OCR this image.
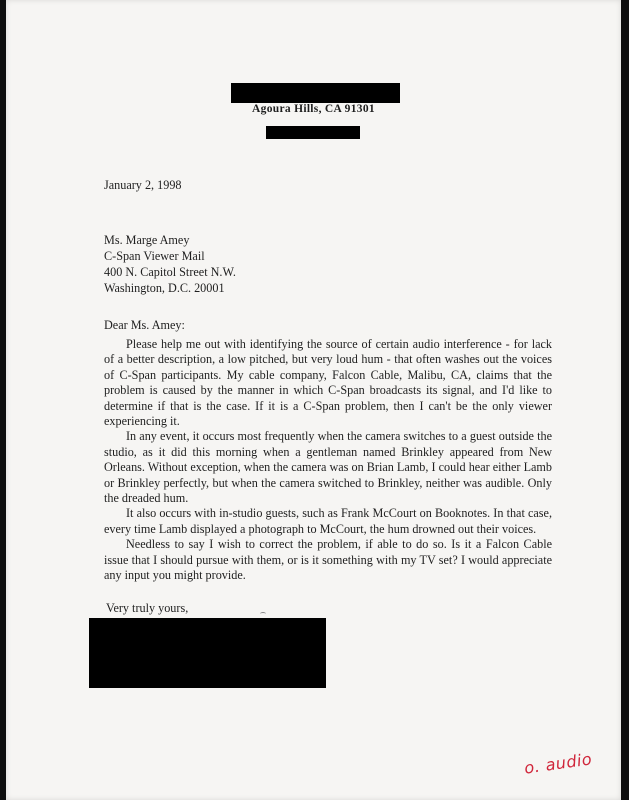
Agoura Hills, CA 91301
January 2, 1998
Ms. Marge Amey
C-Span Viewer Mail
400 N. Capitol Street N.W.
Washington, D.C. 20001
Dear Ms. Amey:

Please help me out with identifying the source of certain audio interference - for lack of a better description, a low pitched, but very loud hum - that often washes out the voices of C-Span participants. My cable company, Falcon Cable, Malibu, CA, claims that the problem is caused by the manner in which C-Span broadcasts its signal, and I'd like to determine if that is the case. If it is a C-Span problem, then I can't be the only viewer experiencing it.

In any event, it occurs most frequently when the camera switches to a guest outside the studio, as it did this morning when a gentleman named Brinkley appeared from New Orleans. Without exception, when the camera was on Brian Lamb, I could hear either Lamb or Brinkley perfectly, but when the camera switched to Brinkley, neither was audible. Only the dreaded hum.

It also occurs with in-studio guests, such as Frank McCourt on Booknotes. In that case, every time Lamb displayed a photograph to McCourt, the hum drowned out their voices.

Needless to say I wish to correct the problem, if able to do so. Is it a Falcon Cable issue that I should pursue with them, or is it something with my TV set? I would appreciate any input you might provide.

Very truly yours,
o. audio
